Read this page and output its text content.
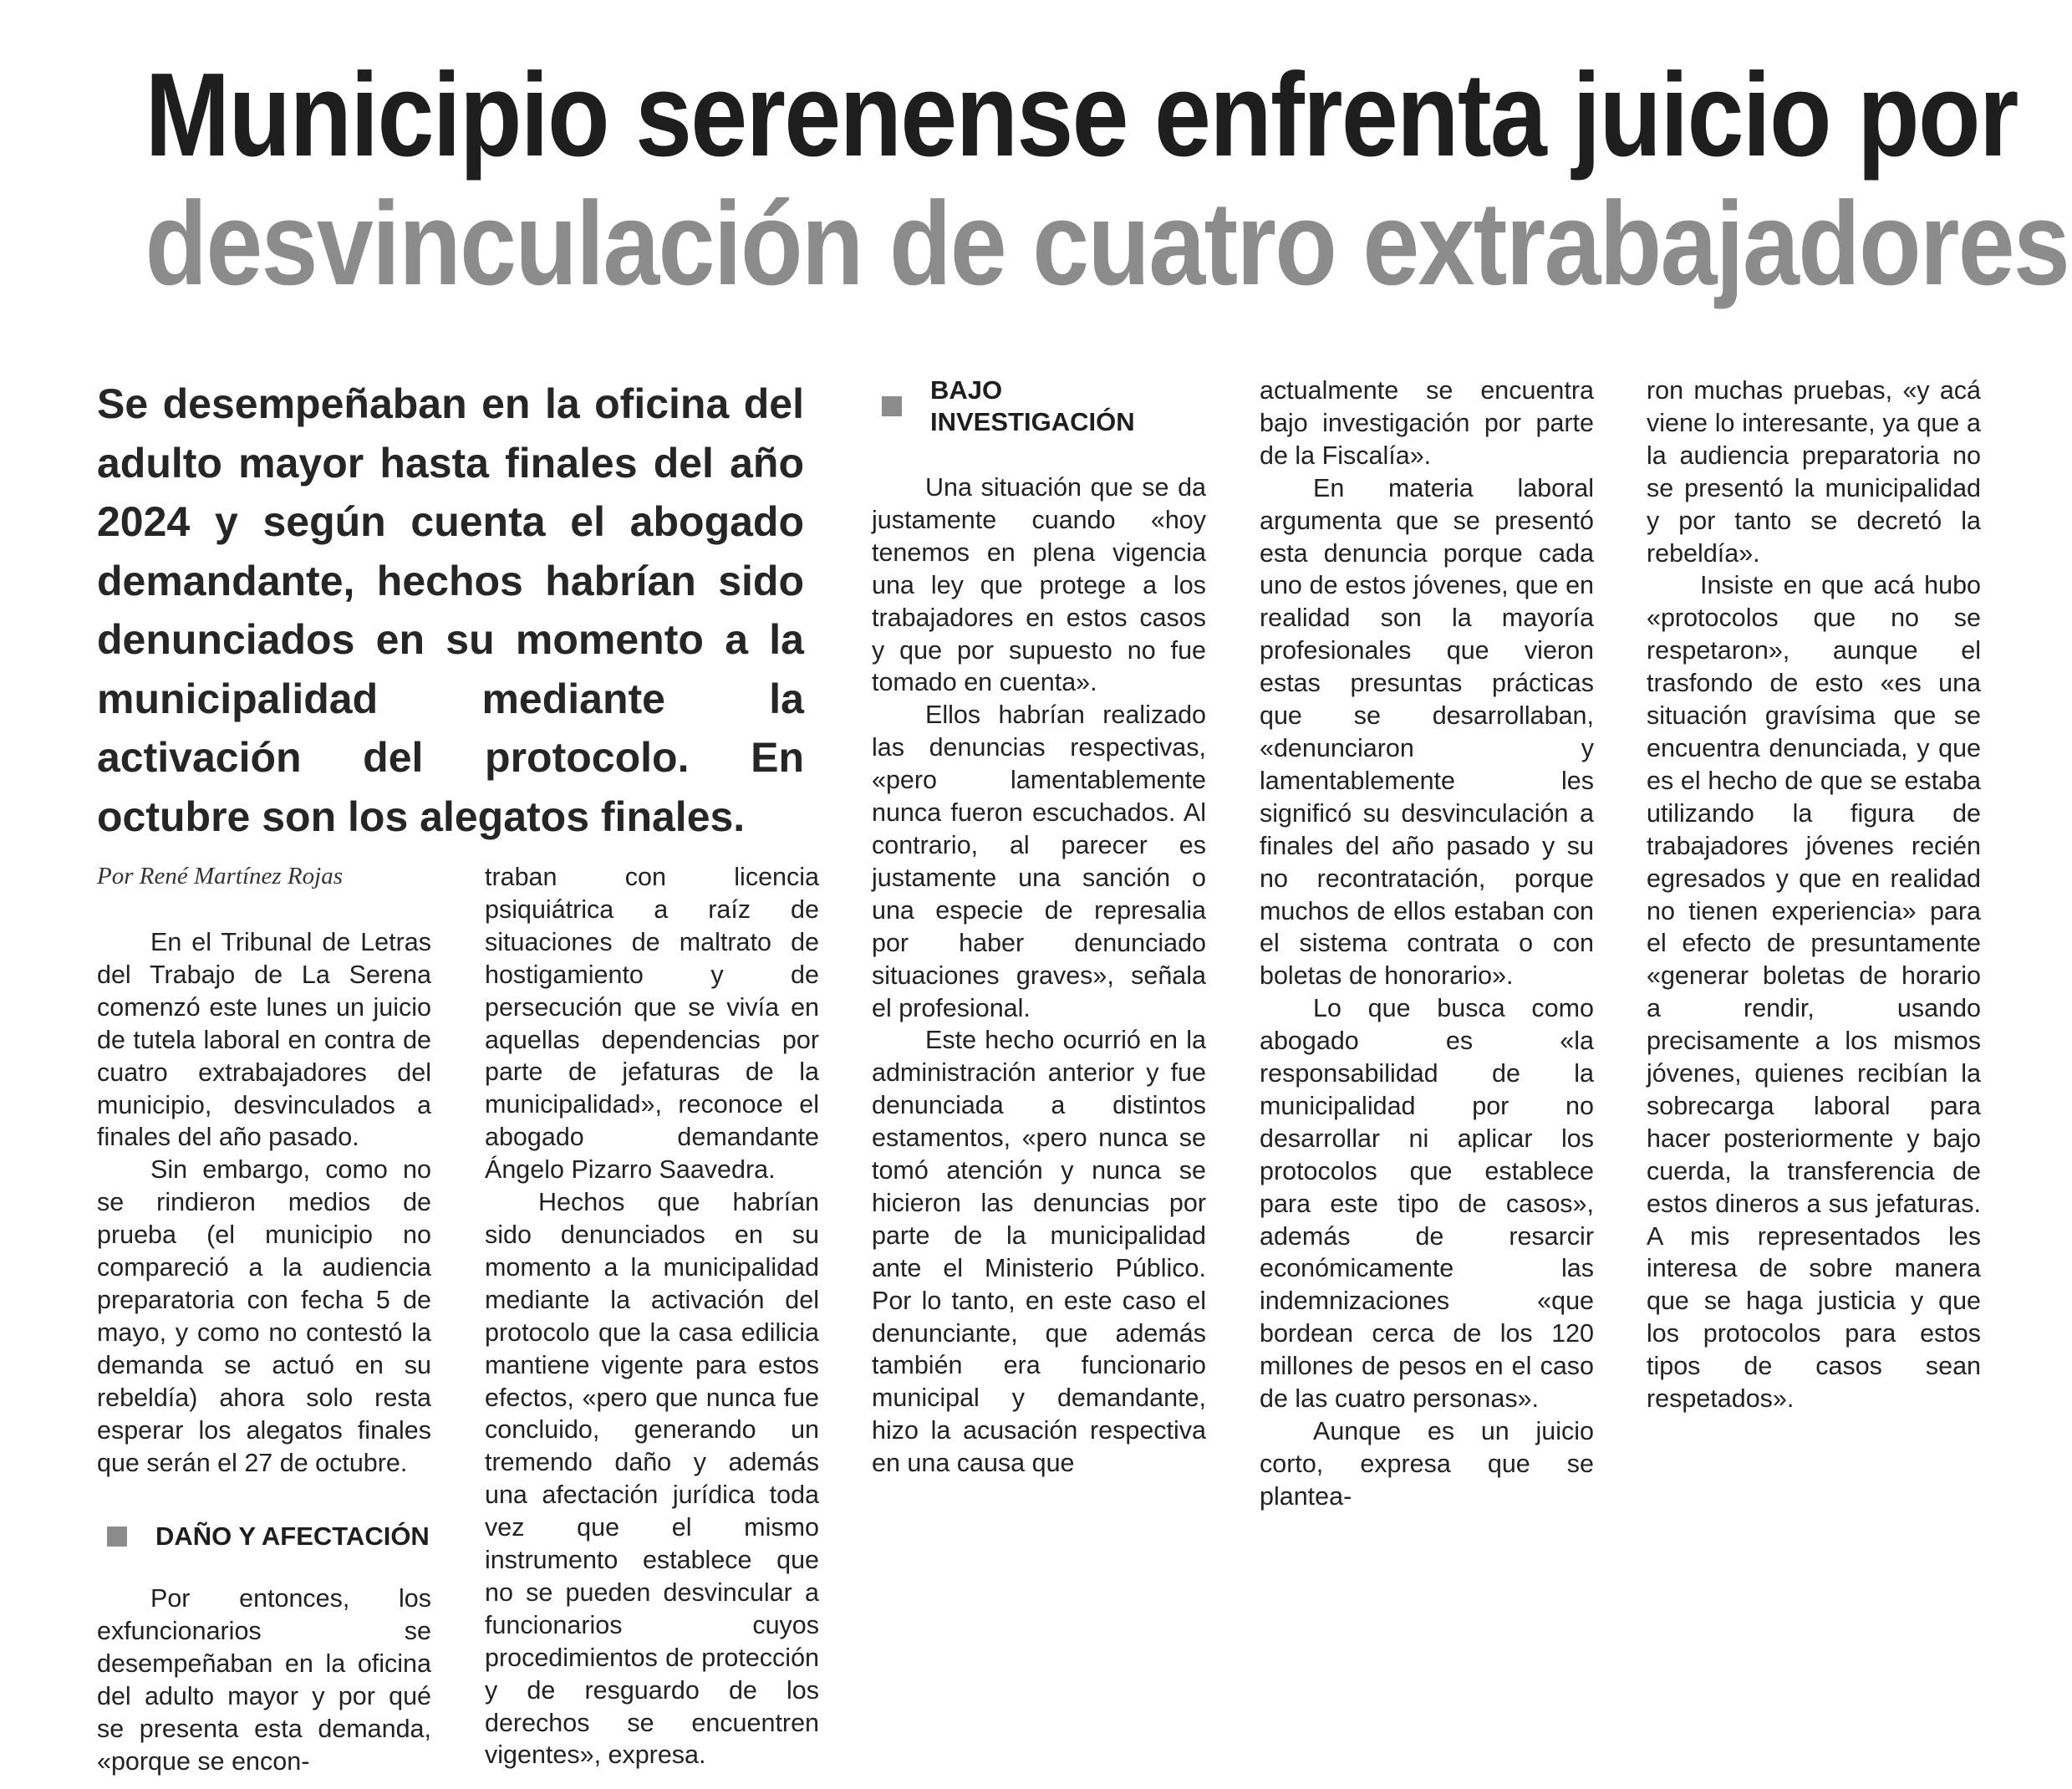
Municipio serenense enfrenta juicio por
desvinculación de cuatro extrabajadores

Se desempeñaban en la oficina del adulto mayor hasta finales del año 2024 y según cuenta el abogado demandante, hechos habrían sido denunciados en su momento a la municipalidad mediante la activación del protocolo. En octubre son los alegatos finales.

Por René Martínez Rojas

En el Tribunal de Letras del Trabajo de La Serena comenzó este lunes un juicio de tutela laboral en contra de cuatro extrabajadores del municipio, desvinculados a finales del año pasado.

Sin embargo, como no se rindieron medios de prueba (el municipio no compareció a la audiencia preparatoria con fecha 5 de mayo, y como no contestó la demanda se actuó en su rebeldía) ahora solo resta esperar los alegatos finales que serán el 27 de octubre.

DAÑO Y AFECTACIÓN

Por entonces, los exfuncionarios se desempeñaban en la oficina del adulto mayor y por qué se presenta esta demanda, «porque se encon-

traban con licencia psiquiátrica a raíz de situaciones de maltrato de hostigamiento y de persecución que se vivía en aquellas dependencias por parte de jefaturas de la municipalidad», reconoce el abogado demandante Ángelo Pizarro Saavedra.

Hechos que habrían sido denunciados en su momento a la municipalidad mediante la activación del protocolo que la casa edilicia mantiene vigente para estos efectos, «pero que nunca fue concluido, generando un tremendo daño y además una afectación jurídica toda vez que el mismo instrumento establece que no se pueden desvincular a funcionarios cuyos procedimientos de protección y de resguardo de los derechos se encuentren vigentes», expresa.

BAJO INVESTIGACIÓN

Una situación que se da justamente cuando «hoy tenemos en plena vigencia una ley que protege a los trabajadores en estos casos y que por supuesto no fue tomado en cuenta».

Ellos habrían realizado las denuncias respectivas, «pero lamentablemente nunca fueron escuchados. Al contrario, al parecer es justamente una sanción o una especie de represalia por haber denunciado situaciones graves», señala el profesional.

Este hecho ocurrió en la administración anterior y fue denunciada a distintos estamentos, «pero nunca se tomó atención y nunca se hicieron las denuncias por parte de la municipalidad ante el Ministerio Público. Por lo tanto, en este caso el denunciante, que además también era funcionario municipal y demandante, hizo la acusación respectiva en una causa que

actualmente se encuentra bajo investigación por parte de la Fiscalía».

En materia laboral argumenta que se presentó esta denuncia porque cada uno de estos jóvenes, que en realidad son la mayoría profesionales que vieron estas presuntas prácticas que se desarrollaban, «denunciaron y lamentablemente les significó su desvinculación a finales del año pasado y su no recontratación, porque muchos de ellos estaban con el sistema contrata o con boletas de honorario».

Lo que busca como abogado es «la responsabilidad de la municipalidad por no desarrollar ni aplicar los protocolos que establece para este tipo de casos», además de resarcir económicamente las indemnizaciones «que bordean cerca de los 120 millones de pesos en el caso de las cuatro personas».

Aunque es un juicio corto, expresa que se plantea-

ron muchas pruebas, «y acá viene lo interesante, ya que a la audiencia preparatoria no se presentó la municipalidad y por tanto se decretó la rebeldía».

Insiste en que acá hubo «protocolos que no se respetaron», aunque el trasfondo de esto «es una situación gravísima que se encuentra denunciada, y que es el hecho de que se estaba utilizando la figura de trabajadores jóvenes recién egresados y que en realidad no tienen experiencia» para el efecto de presuntamente «generar boletas de horario a rendir, usando precisamente a los mismos jóvenes, quienes recibían la sobrecarga laboral para hacer posteriormente y bajo cuerda, la transferencia de estos dineros a sus jefaturas. A mis representados les interesa de sobre manera que se haga justicia y que los protocolos para estos tipos de casos sean respetados».
